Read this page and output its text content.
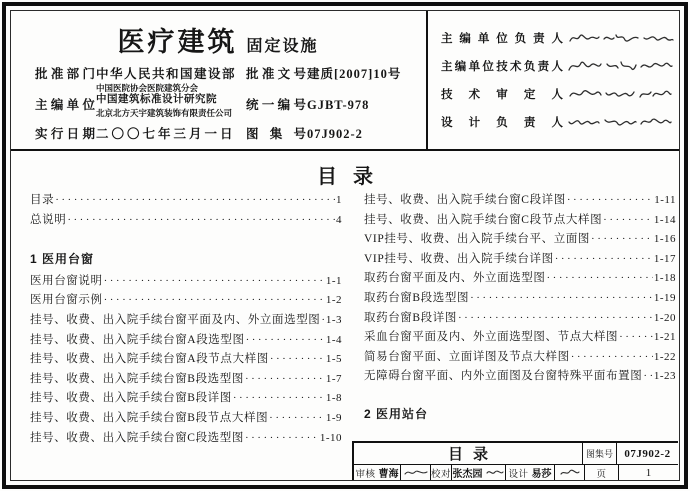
医疗建筑 固定设施
批准部门 中华人民共和国建设部 批准文号 建质[2007]10号
主编单位
中国医院协会医院建筑分会
中国建筑标准设计研究院
北京北方天宇建筑装饰有限责任公司
统一编号 GJBT-978
实行日期 二〇〇七年三月一日 图 集 号 07J902-2
主编单位负责人
主编单位技术负责人
技术审定人
设计负责人
目录
目录 ·····	1
总说明 ·····	4
1 医用台窗
医用台窗说明 ·····	1-1
医用台窗示例 ·····	1-2
挂号、收费、出入院手续台窗平面及内、外立面选型图 ····· 1-3
挂号、收费、出入院手续台窗A段选型图 ·····	1-4
挂号、收费、出入院手续台窗A段节点大样图 ·····	1-5
挂号、收费、出入院手续台窗B段选型图 ·····	1-7
挂号、收费、出入院手续台窗B段详图 ·····	1-8
挂号、收费、出入院手续台窗B段节点大样图 ·····	1-9
挂号、收费、出入院手续台窗C段选型图 ·····	1-10
挂号、收费、出入院手续台窗C段详图 ·····	1-11
挂号、收费、出入院手续台窗C段节点大样图 ·····	1-14
VIP挂号、收费、出入院手续台平、立面图 ·····	1-16
VIP挂号、收费、出入院手续台详图 ·····	1-17
取药台窗平面及内、外立面选型图 ·····	1-18
取药台窗B段选型图 ·····	1-19
取药台窗B段详图 ·····	1-20
采血台窗平面及内、外立面选型图、节点大样图 ·····	1-21
简易台窗平面、立面详图及节点大样图 ·····	1-22
无障碍台窗平面、内外立面图及台窗特殊平面布置图 ····· 1-23
2 医用站台
目录	图集号	07J902-2
审核 曹海	校对 张杰园	设计 易莎	页	1
